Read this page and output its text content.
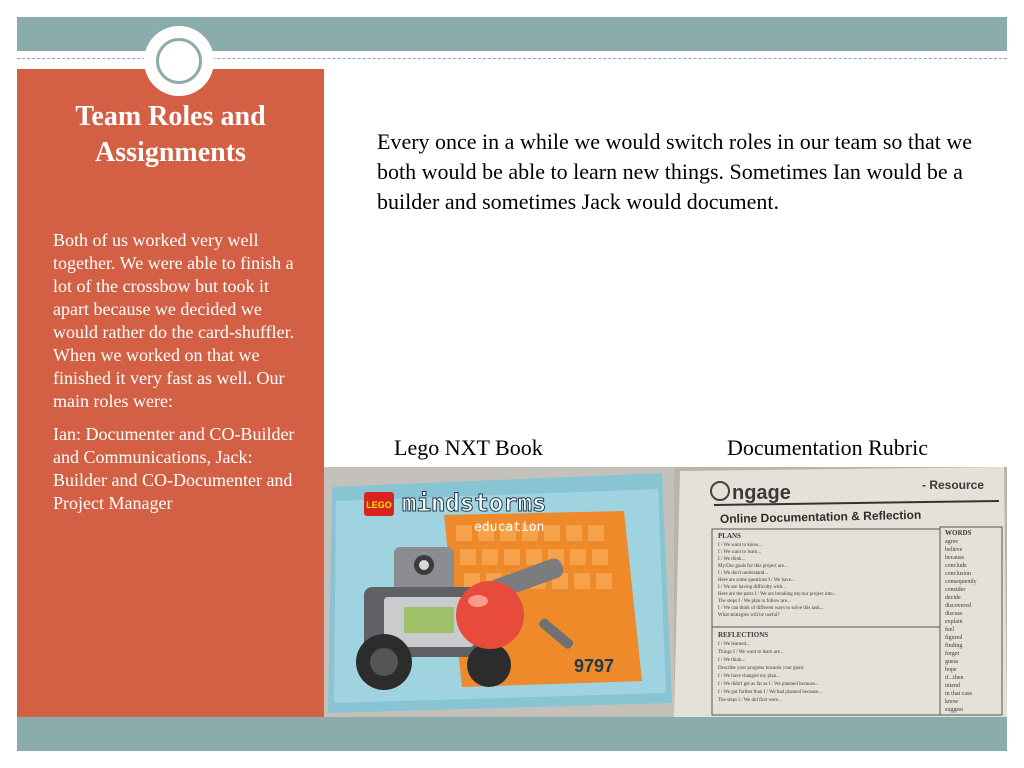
Team Roles and Assignments

Both of us worked very well together. We were able to finish a lot of the crossbow but took it apart because we decided we would rather do the card-shuffler. When we worked on that we finished it very fast as well. Our main roles were:

Ian: Documenter and CO-Builder and Communications, Jack: Builder and CO-Documenter and Project Manager

Every once in a while we would switch roles in our team so that we both would be able to learn new things. Sometimes Ian would be a builder and sometimes Jack would document.

Lego NXT Book	Documentation Rubric
LEGO mindstorms
education
9797
ngage	- Resource
Online Documentation & Reflection
PLANS
I / We want to know...
I / We want to learn...
I / We think...
My/Our goals for this project are...
I / We don't understand...
Here are some questions I / We have...
I / We are having difficulty with...
Here are the parts I / We are breaking my/our project into...
The steps I / We plan to follow are...
I / We can think of different ways to solve this task...
What strategies will be useful?
REFLECTIONS
I / We learned...
Things I / We want to learn are...
I / We think...
Describe your progress towards your goals
I / We have changed my plan...
I / We didn't get as far as I / We planned because...
I / We got further than I / We had planned because...
The steps I / We did first were...
WORDS
agree
believe
because
conclude
conclusion
consequently
consider
decide
discovered
discuss
explain
feel
figured
finding
forget
guess
hope
if...then
intend
in that case
know
suggest
